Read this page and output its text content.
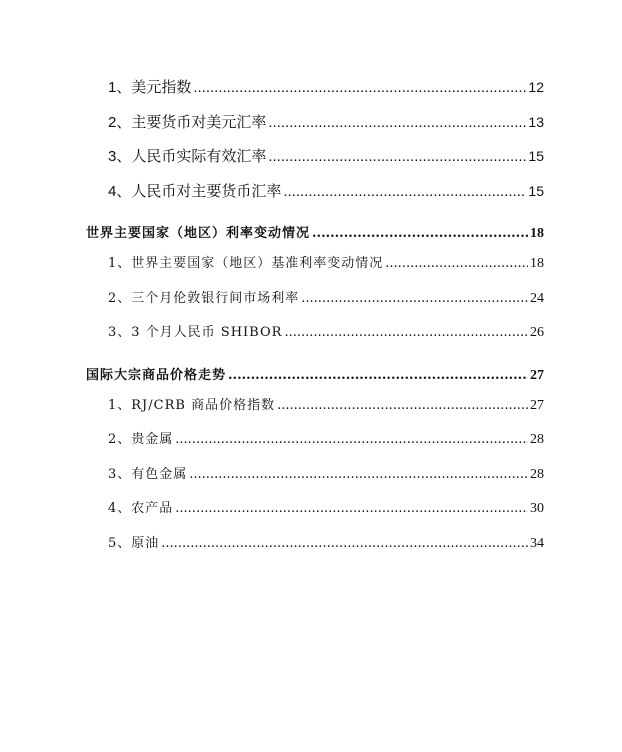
1、美元指数 .....	12
2、主要货币对美元汇率 .....	13
3、人民币实际有效汇率 .....	15
4、人民币对主要货币汇率 .....	15
世界主要国家（地区）利率变动情况 .....	18
1、世界主要国家（地区）基准利率变动情况 .....	18
2、三个月伦敦银行间市场利率 .....	24
3、3 个月人民币 SHIBOR .....	26
国际大宗商品价格走势 .....	27
1、RJ/CRB 商品价格指数 .....	27
2、贵金属 .....	28
3、有色金属 .....	28
4、农产品 .....	30
5、原油 .....	34
